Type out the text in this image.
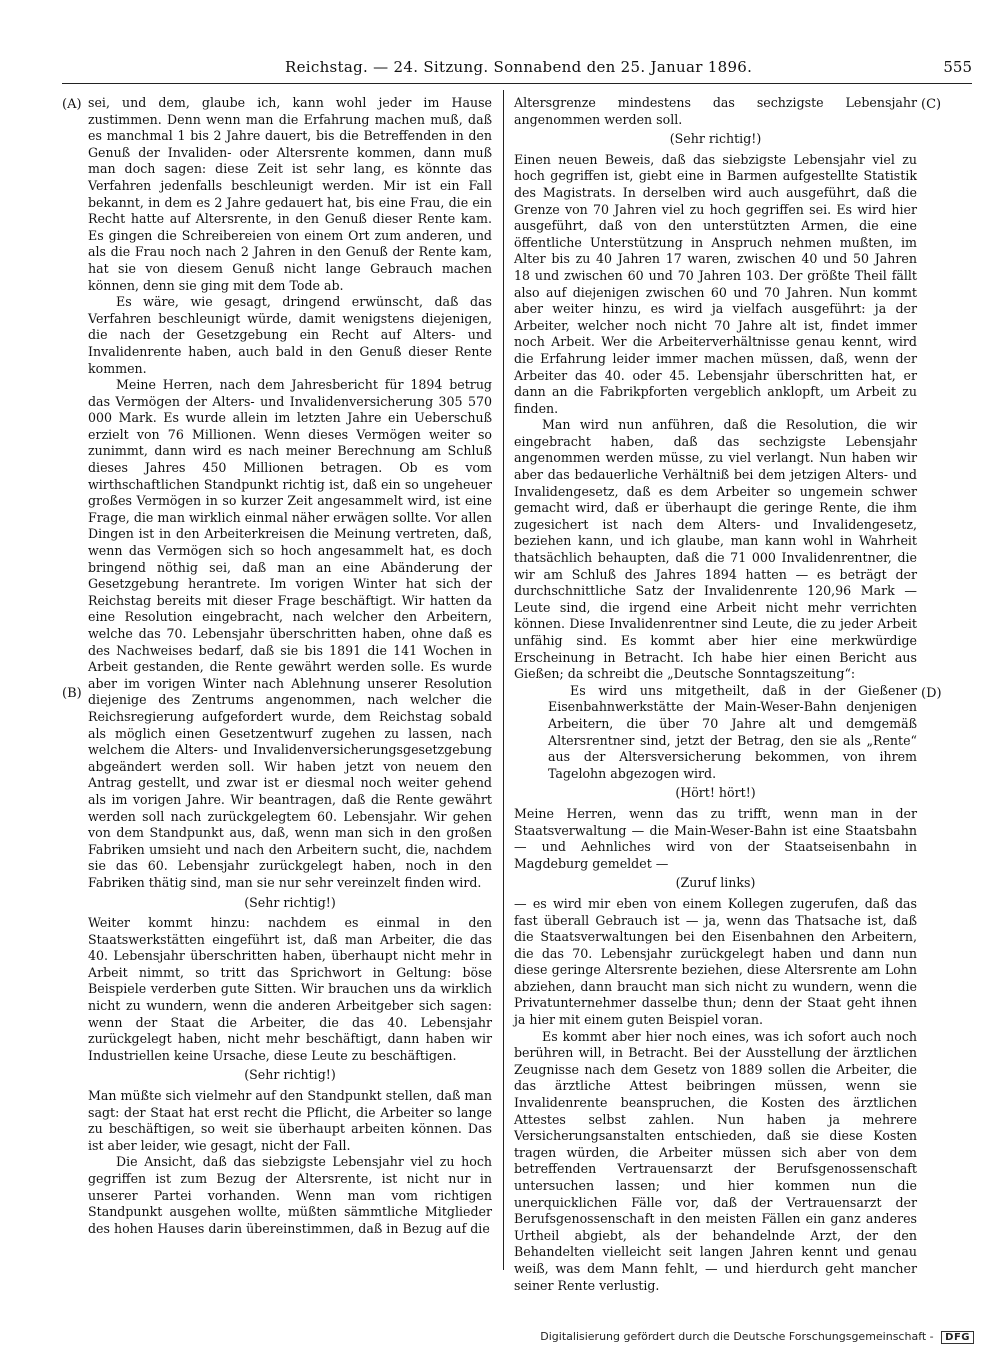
Reichstag. — 24. Sitzung. Sonnabend den 25. Januar 1896.	555
(A)
(B)
(C)
(D)

sei, und dem, glaube ich, kann wohl jeder im Hause zustimmen. Denn wenn man die Erfahrung machen muß, daß es manchmal 1 bis 2 Jahre dauert, bis die Betreffenden in den Genuß der Invaliden- oder Altersrente kommen, dann muß man doch sagen: diese Zeit ist sehr lang, es könnte das Verfahren jedenfalls beschleunigt werden. Mir ist ein Fall bekannt, in dem es 2 Jahre gedauert hat, bis eine Frau, die ein Recht hatte auf Altersrente, in den Genuß dieser Rente kam. Es gingen die Schreibereien von einem Ort zum anderen, und als die Frau noch nach 2 Jahren in den Genuß der Rente kam, hat sie von diesem Genuß nicht lange Gebrauch machen können, denn sie ging mit dem Tode ab.

Es wäre, wie gesagt, dringend erwünscht, daß das Verfahren beschleunigt würde, damit wenigstens diejenigen, die nach der Gesetzgebung ein Recht auf Alters- und Invalidenrente haben, auch bald in den Genuß dieser Rente kommen.

Meine Herren, nach dem Jahresbericht für 1894 betrug das Vermögen der Alters- und Invalidenversicherung 305 570 000 Mark. Es wurde allein im letzten Jahre ein Ueberschuß erzielt von 76 Millionen. Wenn dieses Vermögen weiter so zunimmt, dann wird es nach meiner Berechnung am Schluß dieses Jahres 450 Millionen betragen. Ob es vom wirthschaftlichen Standpunkt richtig ist, daß ein so ungeheuer großes Vermögen in so kurzer Zeit angesammelt wird, ist eine Frage, die man wirklich einmal näher erwägen sollte. Vor allen Dingen ist in den Arbeiterkreisen die Meinung vertreten, daß, wenn das Vermögen sich so hoch angesammelt hat, es doch bringend nöthig sei, daß man an eine Abänderung der Gesetzgebung herantrete. Im vorigen Winter hat sich der Reichstag bereits mit dieser Frage beschäftigt. Wir hatten da eine Resolution eingebracht, nach welcher den Arbeitern, welche das 70. Lebensjahr überschritten haben, ohne daß es des Nachweises bedarf, daß sie bis 1891 die 141 Wochen in Arbeit gestanden, die Rente gewährt werden solle. Es wurde aber im vorigen Winter nach Ablehnung unserer Resolution diejenige des Zentrums angenommen, nach welcher die Reichsregierung aufgefordert wurde, dem Reichstag sobald als möglich einen Gesetzentwurf zugehen zu lassen, nach welchem die Alters- und Invalidenversicherungsgesetzgebung abgeändert werden soll. Wir haben jetzt von neuem den Antrag gestellt, und zwar ist er diesmal noch weiter gehend als im vorigen Jahre. Wir beantragen, daß die Rente gewährt werden soll nach zurückgelegtem 60. Lebensjahr. Wir gehen von dem Standpunkt aus, daß, wenn man sich in den großen Fabriken umsieht und nach den Arbeitern sucht, die, nachdem sie das 60. Lebensjahr zurückgelegt haben, noch in den Fabriken thätig sind, man sie nur sehr vereinzelt finden wird.

(Sehr richtig!)

Weiter kommt hinzu: nachdem es einmal in den Staatswerkstätten eingeführt ist, daß man Arbeiter, die das 40. Lebensjahr überschritten haben, überhaupt nicht mehr in Arbeit nimmt, so tritt das Sprichwort in Geltung: böse Beispiele verderben gute Sitten. Wir brauchen uns da wirklich nicht zu wundern, wenn die anderen Arbeitgeber sich sagen: wenn der Staat die Arbeiter, die das 40. Lebensjahr zurückgelegt haben, nicht mehr beschäftigt, dann haben wir Industriellen keine Ursache, diese Leute zu beschäftigen.

(Sehr richtig!)

Man müßte sich vielmehr auf den Standpunkt stellen, daß man sagt: der Staat hat erst recht die Pflicht, die Arbeiter so lange zu beschäftigen, so weit sie überhaupt arbeiten können. Das ist aber leider, wie gesagt, nicht der Fall.

Die Ansicht, daß das siebzigste Lebensjahr viel zu hoch gegriffen ist zum Bezug der Altersrente, ist nicht nur in unserer Partei vorhanden. Wenn man vom richtigen Standpunkt ausgehen wollte, müßten sämmtliche Mitglieder des hohen Hauses darin übereinstimmen, daß in Bezug auf die

Altersgrenze mindestens das sechzigste Lebensjahr angenommen werden soll.

(Sehr richtig!)

Einen neuen Beweis, daß das siebzigste Lebensjahr viel zu hoch gegriffen ist, giebt eine in Barmen aufgestellte Statistik des Magistrats. In derselben wird auch ausgeführt, daß die Grenze von 70 Jahren viel zu hoch gegriffen sei. Es wird hier ausgeführt, daß von den unterstützten Armen, die eine öffentliche Unterstützung in Anspruch nehmen mußten, im Alter bis zu 40 Jahren 17 waren, zwischen 40 und 50 Jahren 18 und zwischen 60 und 70 Jahren 103. Der größte Theil fällt also auf diejenigen zwischen 60 und 70 Jahren. Nun kommt aber weiter hinzu, es wird ja vielfach ausgeführt: ja der Arbeiter, welcher noch nicht 70 Jahre alt ist, findet immer noch Arbeit. Wer die Arbeiterverhältnisse genau kennt, wird die Erfahrung leider immer machen müssen, daß, wenn der Arbeiter das 40. oder 45. Lebensjahr überschritten hat, er dann an die Fabrikpforten vergeblich anklopft, um Arbeit zu finden.

Man wird nun anführen, daß die Resolution, die wir eingebracht haben, daß das sechzigste Lebensjahr angenommen werden müsse, zu viel verlangt. Nun haben wir aber das bedauerliche Verhältniß bei dem jetzigen Alters- und Invalidengesetz, daß es dem Arbeiter so ungemein schwer gemacht wird, daß er überhaupt die geringe Rente, die ihm zugesichert ist nach dem Alters- und Invalidengesetz, beziehen kann, und ich glaube, man kann wohl in Wahrheit thatsächlich behaupten, daß die 71 000 Invalidenrentner, die wir am Schluß des Jahres 1894 hatten — es beträgt der durchschnittliche Satz der Invalidenrente 120,96 Mark — Leute sind, die irgend eine Arbeit nicht mehr verrichten können. Diese Invalidenrentner sind Leute, die zu jeder Arbeit unfähig sind. Es kommt aber hier eine merkwürdige Erscheinung in Betracht. Ich habe hier einen Bericht aus Gießen; da schreibt die „Deutsche Sonntagszeitung“:

Es wird uns mitgetheilt, daß in der Gießener Eisenbahnwerkstätte der Main-Weser-Bahn denjenigen Arbeitern, die über 70 Jahre alt und demgemäß Altersrentner sind, jetzt der Betrag, den sie als „Rente“ aus der Altersversicherung bekommen, von ihrem Tagelohn abgezogen wird.

(Hört! hört!)

Meine Herren, wenn das zu trifft, wenn man in der Staatsverwaltung — die Main-Weser-Bahn ist eine Staatsbahn — und Aehnliches wird von der Staatseisenbahn in Magdeburg gemeldet —

(Zuruf links)

— es wird mir eben von einem Kollegen zugerufen, daß das fast überall Gebrauch ist — ja, wenn das Thatsache ist, daß die Staatsverwaltungen bei den Eisenbahnen den Arbeitern, die das 70. Lebensjahr zurückgelegt haben und dann nun diese geringe Altersrente beziehen, diese Altersrente am Lohn abziehen, dann braucht man sich nicht zu wundern, wenn die Privatunternehmer dasselbe thun; denn der Staat geht ihnen ja hier mit einem guten Beispiel voran.

Es kommt aber hier noch eines, was ich sofort auch noch berühren will, in Betracht. Bei der Ausstellung der ärztlichen Zeugnisse nach dem Gesetz von 1889 sollen die Arbeiter, die das ärztliche Attest beibringen müssen, wenn sie Invalidenrente beanspruchen, die Kosten des ärztlichen Attestes selbst zahlen. Nun haben ja mehrere Versicherungsanstalten entschieden, daß sie diese Kosten tragen würden, die Arbeiter müssen sich aber von dem betreffenden Vertrauensarzt der Berufsgenossenschaft untersuchen lassen; und hier kommen nun die unerquicklichen Fälle vor, daß der Vertrauensarzt der Berufsgenossenschaft in den meisten Fällen ein ganz anderes Urtheil abgiebt, als der behandelnde Arzt, der den Behandelten vielleicht seit langen Jahren kennt und genau weiß, was dem Mann fehlt, — und hierdurch geht mancher seiner Rente verlustig.

Digitalisierung gefördert durch die Deutsche Forschungsgemeinschaft - DFG
